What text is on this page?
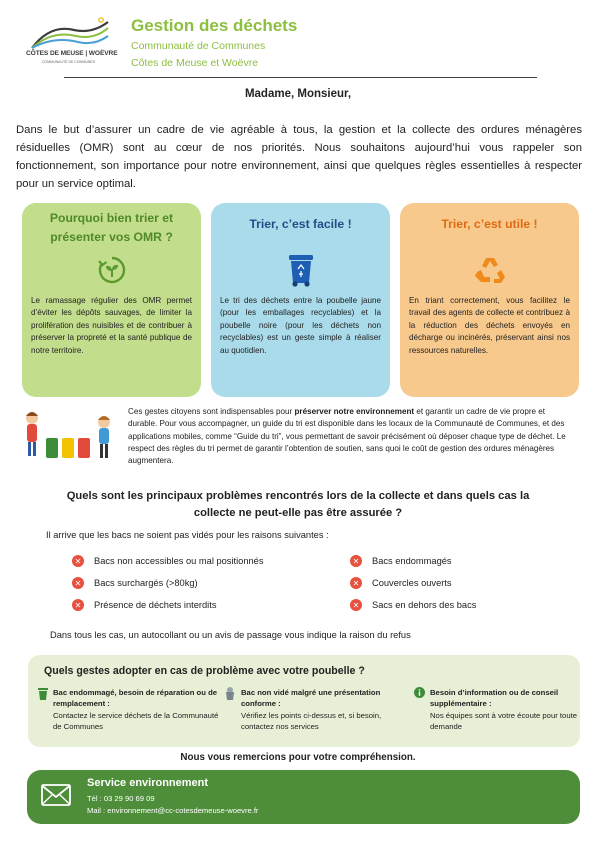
CÔTES DE MEUSE | WOËVRE
COMMUNAUTÉ DE COMMUNES
Gestion des déchets
Communauté de Communes
Côtes de Meuse et Woëvre
Madame, Monsieur,
Dans le but d’assurer un cadre de vie agréable à tous, la gestion et la collecte des ordures ménagères résiduelles (OMR) sont au cœur de nos priorités. Nous souhaitons aujourd’hui vous rappeler son fonctionnement, son importance pour notre environnement, ainsi que quelques règles essentielles à respecter pour un service optimal.
Pourquoi bien trier et présenter vos OMR ?
Le ramassage régulier des OMR permet d’éviter les dépôts sauvages, de limiter la prolifération des nuisibles et de contribuer à préserver la propreté et la santé publique de notre territoire.
Trier, c’est facile !
Le tri des déchets entre la poubelle jaune (pour les emballages recyclables) et la poubelle noire (pour les déchets non recyclables) est un geste simple à réaliser au quotidien.
Trier, c’est utile !
En triant correctement, vous facilitez le travail des agents de collecte et contribuez à la réduction des déchets envoyés en décharge ou incinérés, préservant ainsi nos ressources naturelles.
Ces gestes citoyens sont indispensables pour préserver notre environnement et garantir un cadre de vie propre et durable. Pour vous accompagner, un guide du tri est disponible dans les locaux de la Communauté de Communes, et des applications mobiles, comme “Guide du tri”, vous permettant de savoir précisément où déposer chaque type de déchet. Le respect des règles du tri permet de garantir l’obtention de soutien, sans quoi le coût de gestion des ordures ménagères augmentera.
Quels sont les principaux problèmes rencontrés lors de la collecte et dans quels cas la
collecte ne peut-elle pas être assurée ?
Il arrive que les bacs ne soient pas vidés pour les raisons suivantes :
✕ Bacs non accessibles ou mal positionnés
✕ Bacs surchargés (>80kg)
✕ Présence de déchets interdits
✕ Bacs endommagés
✕ Couvercles ouverts
✕ Sacs en dehors des bacs
Dans tous les cas, un autocollant ou un avis de passage vous indique la raison du refus
Quels gestes adopter en cas de problème avec votre poubelle ?
Bac endommagé, besoin de réparation ou de remplacement :
Contactez le service déchets de la Communauté de Communes
Bac non vidé malgré une présentation conforme :
Vérifiez les points ci-dessus et, si besoin, contactez nos services
Besoin d’information ou de conseil supplémentaire :
Nos équipes sont à votre écoute pour toute demande
Nous vous remercions pour votre compréhension.
Service environnement
Tél : 03 29 90 69 09
Mail : environnement@cc-cotesdemeuse-woevre.fr
